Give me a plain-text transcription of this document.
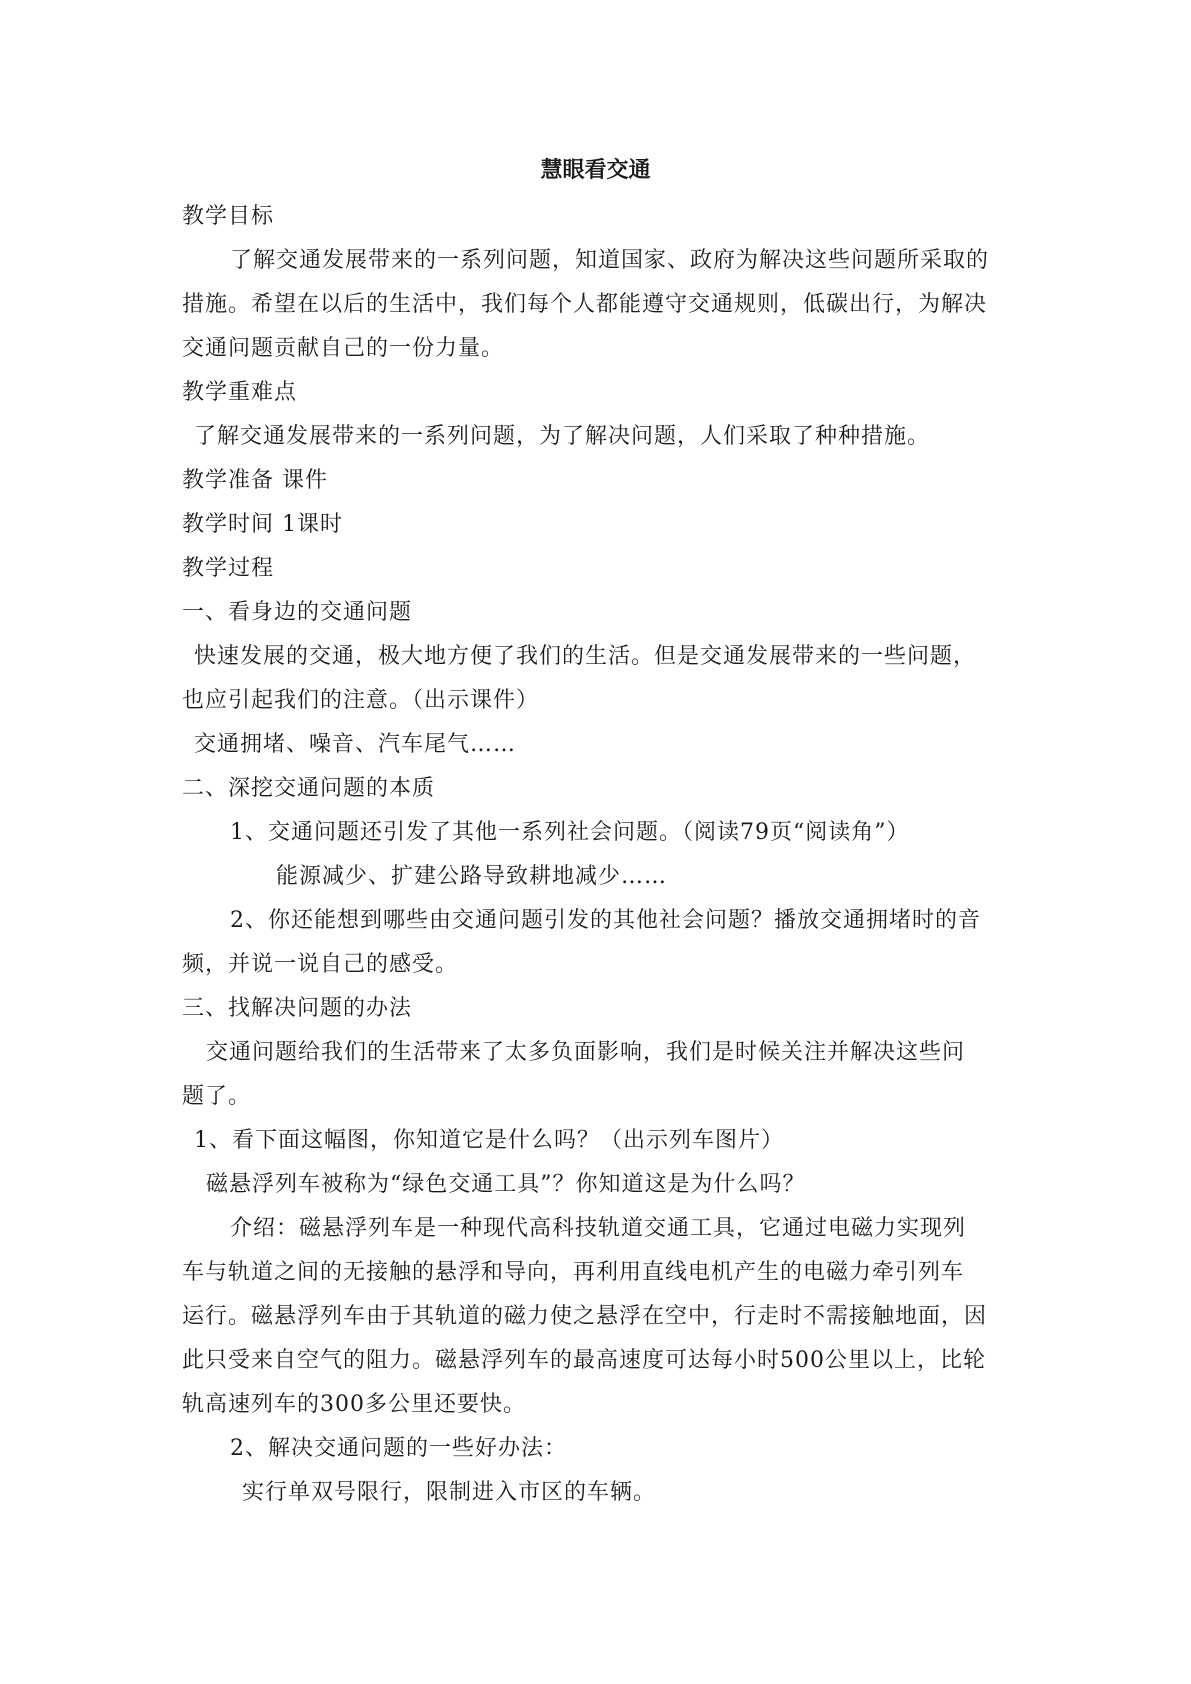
慧眼看交通
教学目标
了解交通发展带来的一系列问题，知道国家、政府为解决这些问题所采取的
措施。希望在以后的生活中，我们每个人都能遵守交通规则，低碳出行，为解决
交通问题贡献自己的一份力量。
教学重难点
了解交通发展带来的一系列问题，为了解决问题，人们采取了种种措施。
教学准备 课件
教学时间 1课时
教学过程
一、看身边的交通问题
快速发展的交通，极大地方便了我们的生活。但是交通发展带来的一些问题，
也应引起我们的注意。（出示课件）
交通拥堵、噪音、汽车尾气……
二、深挖交通问题的本质
1、交通问题还引发了其他一系列社会问题。（阅读79页“阅读角”）
能源减少、扩建公路导致耕地减少……
2、你还能想到哪些由交通问题引发的其他社会问题？播放交通拥堵时的音
频，并说一说自己的感受。
三、找解决问题的办法
交通问题给我们的生活带来了太多负面影响，我们是时候关注并解决这些问
题了。
1、看下面这幅图，你知道它是什么吗？（出示列车图片）
磁悬浮列车被称为“绿色交通工具”？你知道这是为什么吗？
介绍：磁悬浮列车是一种现代高科技轨道交通工具，它通过电磁力实现列
车与轨道之间的无接触的悬浮和导向，再利用直线电机产生的电磁力牵引列车
运行。磁悬浮列车由于其轨道的磁力使之悬浮在空中，行走时不需接触地面，因
此只受来自空气的阻力。磁悬浮列车的最高速度可达每小时500公里以上，比轮
轨高速列车的300多公里还要快。
2、解决交通问题的一些好办法：
实行单双号限行，限制进入市区的车辆。
